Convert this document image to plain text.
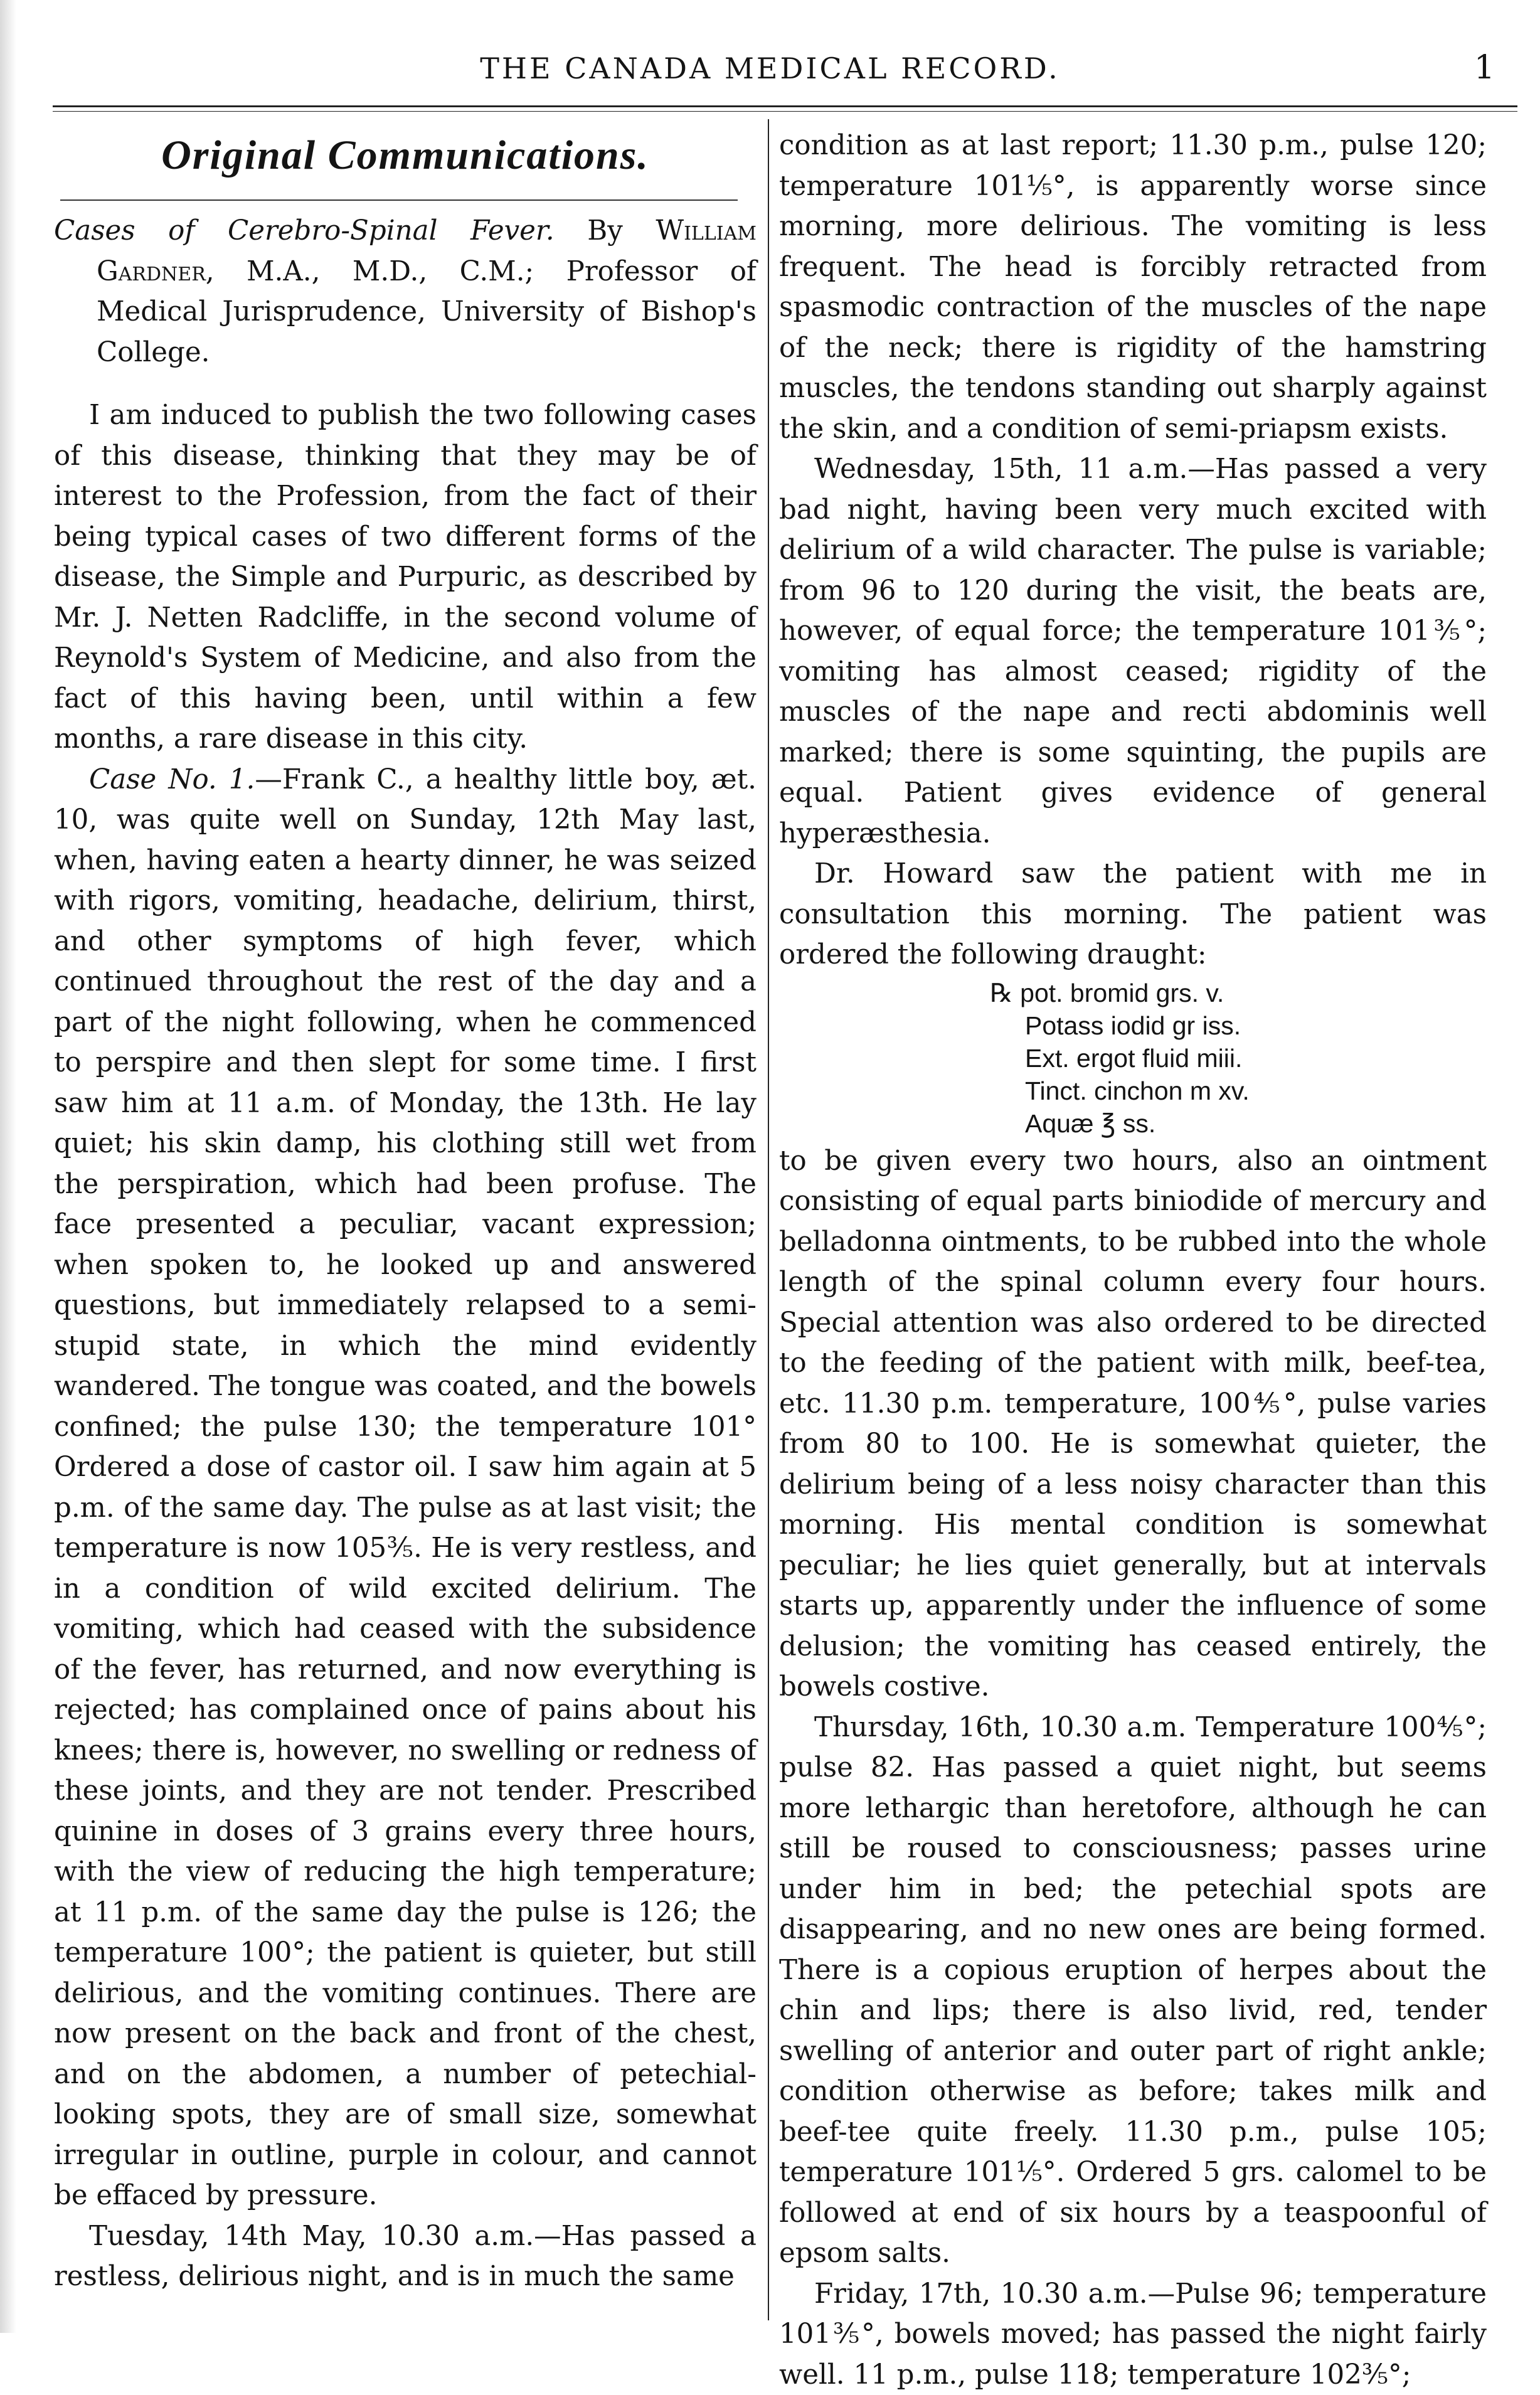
THE CANADA MEDICAL RECORD.	1
Original Communications.
Cases of Cerebro-Spinal Fever. By William Gardner, M.A., M.D., C.M.; Professor of Medical Jurisprudence, University of Bishop's College.

I am induced to publish the two following cases of this disease, thinking that they may be of interest to the Profession, from the fact of their being typical cases of two different forms of the disease, the Simple and Purpuric, as described by Mr. J. Netten Radcliffe, in the second volume of Reynold's System of Medicine, and also from the fact of this having been, until within a few months, a rare disease in this city.

Case No. 1.—Frank C., a healthy little boy, æt. 10, was quite well on Sunday, 12th May last, when, having eaten a hearty dinner, he was seized with rigors, vomiting, headache, delirium, thirst, and other symptoms of high fever, which continued throughout the rest of the day and a part of the night following, when he commenced to perspire and then slept for some time. I first saw him at 11 a.m. of Monday, the 13th. He lay quiet; his skin damp, his clothing still wet from the perspiration, which had been profuse. The face presented a peculiar, vacant expression; when spoken to, he looked up and answered questions, but immediately relapsed to a semi-stupid state, in which the mind evidently wandered. The tongue was coated, and the bowels confined; the pulse 130; the temperature 101° Ordered a dose of castor oil. I saw him again at 5 p.m. of the same day. The pulse as at last visit; the temperature is now 105⅗. He is very restless, and in a condition of wild excited delirium. The vomiting, which had ceased with the subsidence of the fever, has returned, and now everything is rejected; has complained once of pains about his knees; there is, however, no swelling or redness of these joints, and they are not tender. Prescribed quinine in doses of 3 grains every three hours, with the view of reducing the high temperature; at 11 p.m. of the same day the pulse is 126; the temperature 100°; the patient is quieter, but still delirious, and the vomiting continues. There are now present on the back and front of the chest, and on the abdomen, a number of petechial-looking spots, they are of small size, somewhat irregular in outline, purple in colour, and cannot be effaced by pressure.

Tuesday, 14th May, 10.30 a.m.—Has passed a restless, delirious night, and is in much the same

condition as at last report; 11.30 p.m., pulse 120; temperature 101⅕°, is apparently worse since morning, more delirious. The vomiting is less frequent. The head is forcibly retracted from spasmodic contraction of the muscles of the nape of the neck; there is rigidity of the hamstring muscles, the tendons standing out sharply against the skin, and a condition of semi-priapsm exists.

Wednesday, 15th, 11 a.m.—Has passed a very bad night, having been very much excited with delirium of a wild character. The pulse is variable; from 96 to 120 during the visit, the beats are, however, of equal force; the temperature 101⅗°; vomiting has almost ceased; rigidity of the muscles of the nape and recti abdominis well marked; there is some squinting, the pupils are equal. Patient gives evidence of general hyperæsthesia.

Dr. Howard saw the patient with me in consultation this morning. The patient was ordered the following draught:

℞ pot. bromid grs. v.
Potass iodid gr iss.
Ext. ergot fluid miii.
Tinct. cinchon m xv.
Aquæ ℥ ss.

to be given every two hours, also an ointment consisting of equal parts biniodide of mercury and belladonna ointments, to be rubbed into the whole length of the spinal column every four hours. Special attention was also ordered to be directed to the feeding of the patient with milk, beef-tea, etc. 11.30 p.m. temperature, 100⅘°, pulse varies from 80 to 100. He is somewhat quieter, the delirium being of a less noisy character than this morning. His mental condition is somewhat peculiar; he lies quiet generally, but at intervals starts up, apparently under the influence of some delusion; the vomiting has ceased entirely, the bowels costive.

Thursday, 16th, 10.30 a.m. Temperature 100⅘°; pulse 82. Has passed a quiet night, but seems more lethargic than heretofore, although he can still be roused to consciousness; passes urine under him in bed; the petechial spots are disappearing, and no new ones are being formed. There is a copious eruption of herpes about the chin and lips; there is also livid, red, tender swelling of anterior and outer part of right ankle; condition otherwise as before; takes milk and beef-tee quite freely. 11.30 p.m., pulse 105; temperature 101⅕°. Ordered 5 grs. calomel to be followed at end of six hours by a teaspoonful of epsom salts.

Friday, 17th, 10.30 a.m.—Pulse 96; temperature 101⅗°, bowels moved; has passed the night fairly well. 11 p.m., pulse 118; temperature 102⅗°;
